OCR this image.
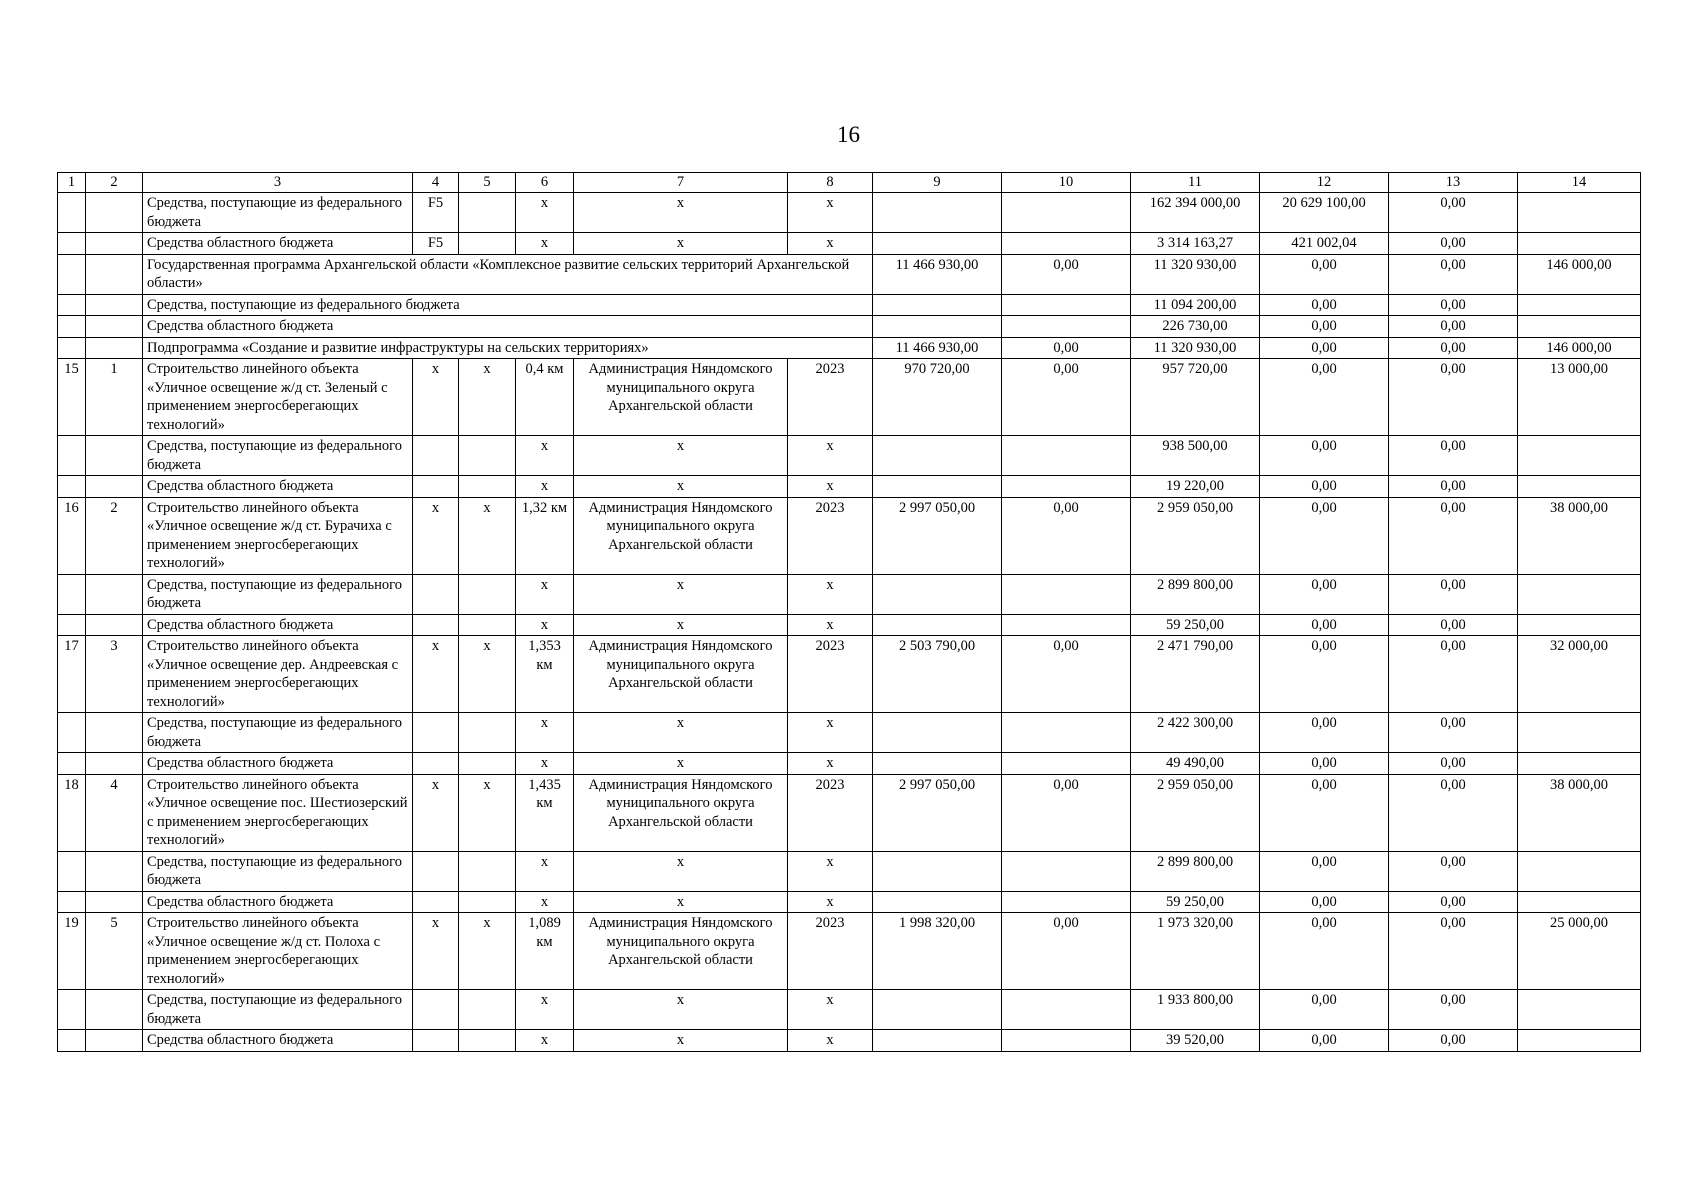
16
1	2	3	4	5	6	7	8	9	10	11	12	13	14
		Средства, поступающие из федерального бюджета	F5		х	х	х			162 394 000,00	20 629 100,00	0,00	
		Средства областного бюджета	F5		х	х	х			3 314 163,27	421 002,04	0,00	
		Государственная программа Архангельской области «Комплексное развитие сельских территорий Архангельской области»						11 466 930,00	0,00	11 320 930,00	0,00	0,00	146 000,00
		Средства, поступающие из федерального бюджета								11 094 200,00	0,00	0,00	
		Средства областного бюджета								226 730,00	0,00	0,00	
		Подпрограмма «Создание и развитие инфраструктуры на сельских территориях»						11 466 930,00	0,00	11 320 930,00	0,00	0,00	146 000,00
15	1	Строительство линейного объекта «Уличное освещение ж/д ст. Зеленый с применением энергосберегающих технологий»	х	х	0,4 км	Администрация Няндомского муниципального округа Архангельской области	2023	970 720,00	0,00	957 720,00	0,00	0,00	13 000,00
		Средства, поступающие из федерального бюджета			х	х	х			938 500,00	0,00	0,00	
		Средства областного бюджета			х	х	х			19 220,00	0,00	0,00	
16	2	Строительство линейного объекта «Уличное освещение ж/д ст. Бурачиха с применением энергосберегающих технологий»	х	х	1,32 км	Администрация Няндомского муниципального округа Архангельской области	2023	2 997 050,00	0,00	2 959 050,00	0,00	0,00	38 000,00
		Средства, поступающие из федерального бюджета			х	х	х			2 899 800,00	0,00	0,00	
		Средства областного бюджета			х	х	х			59 250,00	0,00	0,00	
17	3	Строительство линейного объекта «Уличное освещение дер. Андреевская с применением энергосберегающих технологий»	х	х	1,353 км	Администрация Няндомского муниципального округа Архангельской области	2023	2 503 790,00	0,00	2 471 790,00	0,00	0,00	32 000,00
		Средства, поступающие из федерального бюджета			х	х	х			2 422 300,00	0,00	0,00	
		Средства областного бюджета			х	х	х			49 490,00	0,00	0,00	
18	4	Строительство линейного объекта «Уличное освещение пос. Шестиозерский с применением энергосберегающих технологий»	х	х	1,435 км	Администрация Няндомского муниципального округа Архангельской области	2023	2 997 050,00	0,00	2 959 050,00	0,00	0,00	38 000,00
		Средства, поступающие из федерального бюджета			х	х	х			2 899 800,00	0,00	0,00	
		Средства областного бюджета			х	х	х			59 250,00	0,00	0,00	
19	5	Строительство линейного объекта «Уличное освещение ж/д ст. Полоха с применением энергосберегающих технологий»	х	х	1,089 км	Администрация Няндомского муниципального округа Архангельской области	2023	1 998 320,00	0,00	1 973 320,00	0,00	0,00	25 000,00
		Средства, поступающие из федерального бюджета			х	х	х			1 933 800,00	0,00	0,00	
		Средства областного бюджета			х	х	х			39 520,00	0,00	0,00	
